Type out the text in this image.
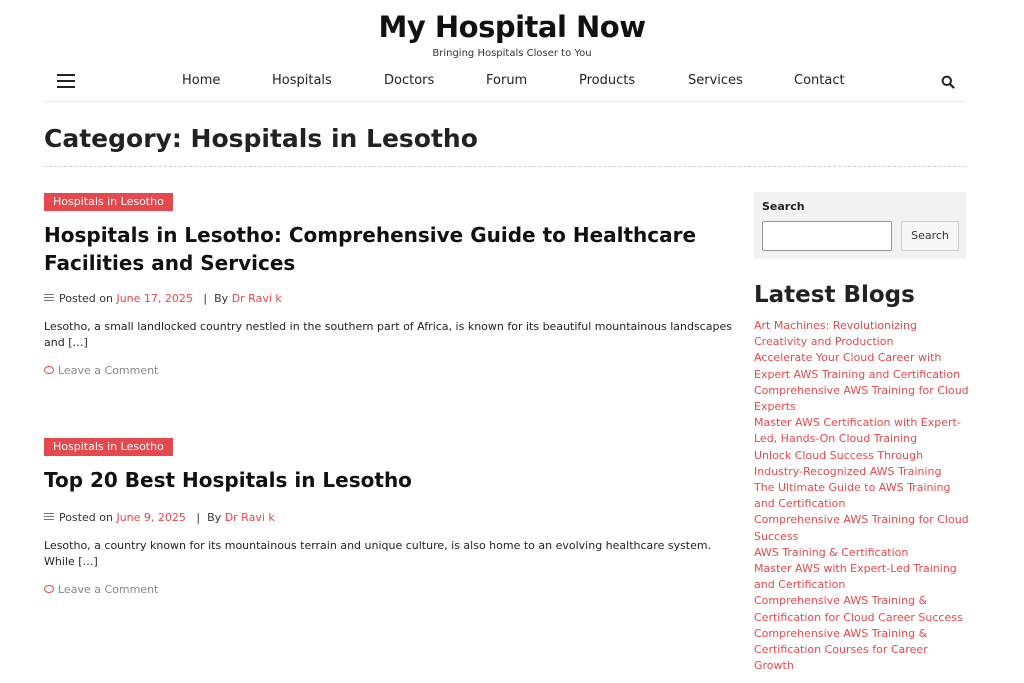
My Hospital Now
Bringing Hospitals Closer to You
Home	Hospitals	Doctors	Forum	Products	Services	Contact
Category: Hospitals in Lesotho
Hospitals in Lesotho
Hospitals in Lesotho: Comprehensive Guide to Healthcare Facilities and Services
Posted on June 17, 2025 | By Dr Ravi k

Lesotho, a small landlocked country nestled in the southern part of Africa, is known for its beautiful mountainous landscapes and […]

Leave a Comment
Hospitals in Lesotho
Top 20 Best Hospitals in Lesotho
Posted on June 9, 2025 | By Dr Ravi k

Lesotho, a country known for its mountainous terrain and unique culture, is also home to an evolving healthcare system. While […]

Leave a Comment
Search
Search
Latest Blogs
Art Machines: Revolutionizing Creativity and Production
Accelerate Your Cloud Career with Expert AWS Training and Certification
Comprehensive AWS Training for Cloud Experts
Master AWS Certification with Expert-Led, Hands-On Cloud Training
Unlock Cloud Success Through Industry-Recognized AWS Training
The Ultimate Guide to AWS Training and Certification
Comprehensive AWS Training for Cloud Success
AWS Training & Certification
Master AWS with Expert-Led Training and Certification
Comprehensive AWS Training & Certification for Cloud Career Success
Comprehensive AWS Training & Certification Courses for Career Growth
